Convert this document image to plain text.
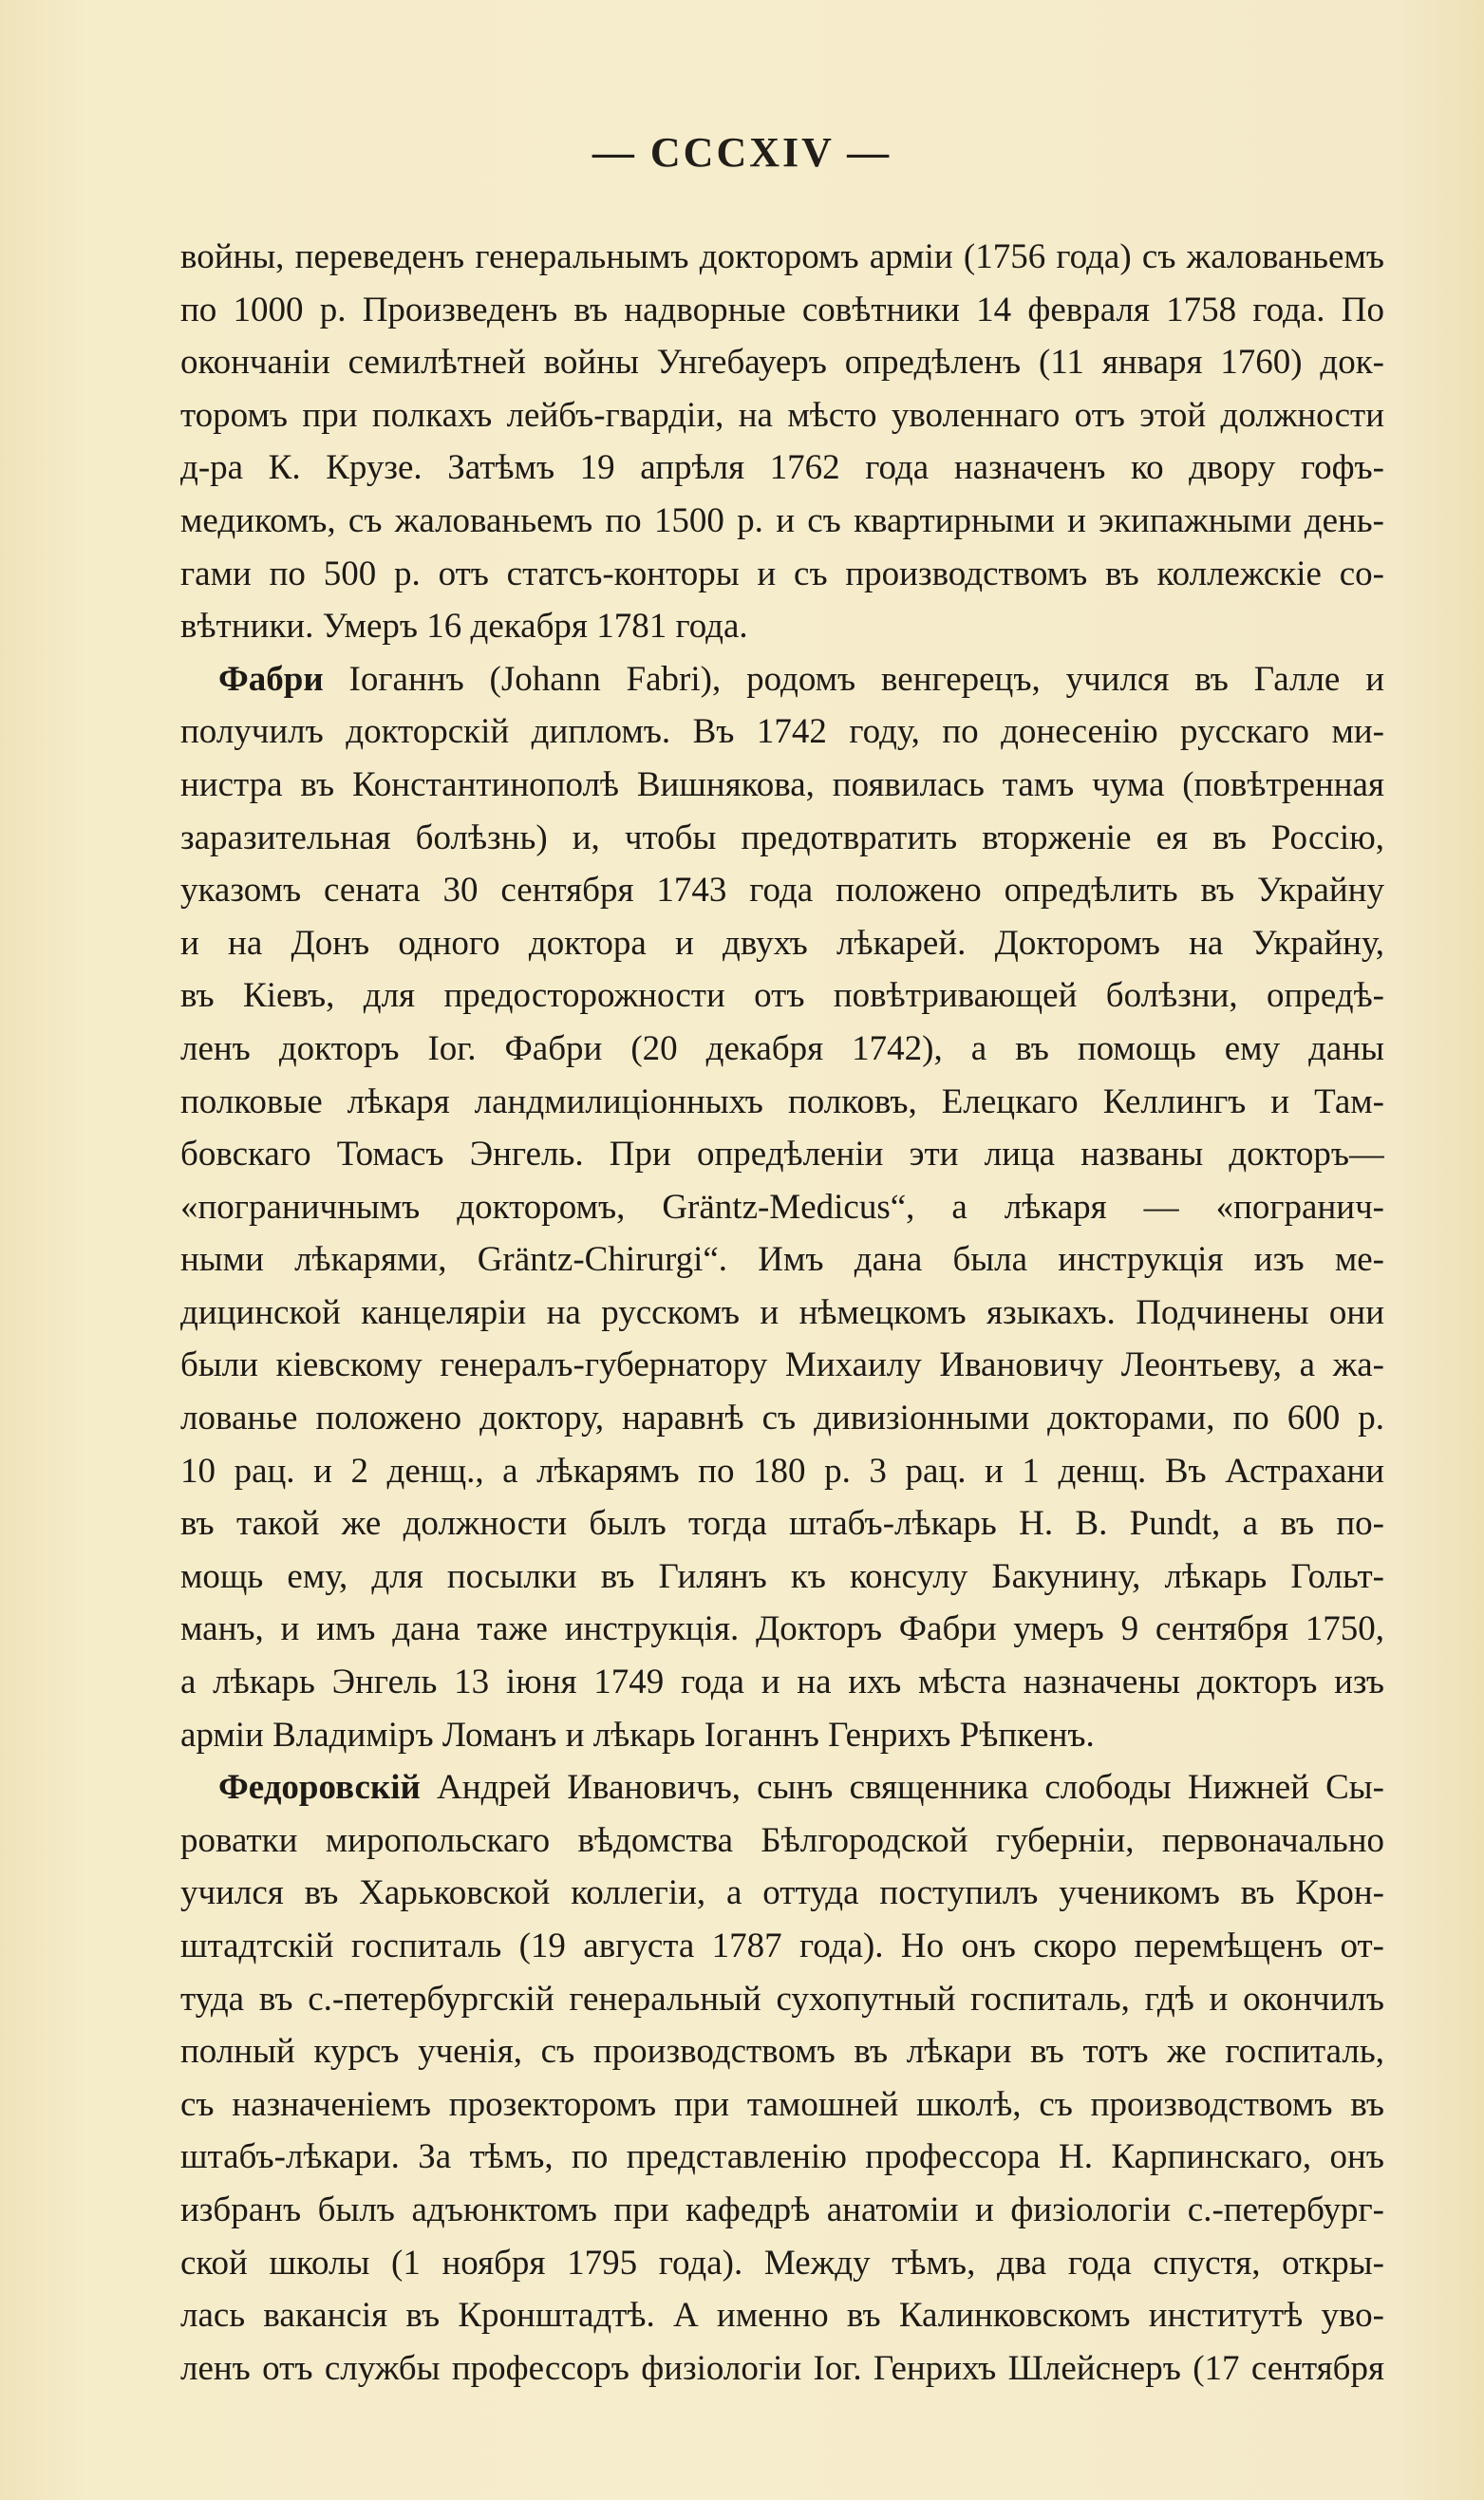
— CCCXIV —
войны, переведенъ генеральнымъ докторомъ арміи (1756 года) съ жалованьемъ
по 1000 р. Произведенъ въ надворные совѣтники 14 февраля 1758 года. По
окончаніи семилѣтней войны Унгебауеръ опредѣленъ (11 января 1760) док-
торомъ при полкахъ лейбъ-гвардіи, на мѣсто уволеннаго отъ этой должности
д-ра К. Крузе. Затѣмъ 19 апрѣля 1762 года назначенъ ко двору гофъ-
медикомъ, съ жалованьемъ по 1500 р. и съ квартирными и экипажными день-
гами по 500 р. отъ статсъ-конторы и съ производствомъ въ коллежскіе со-
вѣтники. Умеръ 16 декабря 1781 года.
Фабри Іоганнъ (Johann Fabri), родомъ венгерецъ, учился въ Галле и
получилъ докторскій дипломъ. Въ 1742 году, по донесенію русскаго ми-
нистра въ Константинополѣ Вишнякова, появилась тамъ чума (повѣтренная
заразительная болѣзнь) и, чтобы предотвратить вторженіе ея въ Россію,
указомъ сената 30 сентября 1743 года положено опредѣлить въ Украйну
и на Донъ одного доктора и двухъ лѣкарей. Докторомъ на Украйну,
въ Кіевъ, для предосторожности отъ повѣтривающей болѣзни, опредѣ-
ленъ докторъ Іог. Фабри (20 декабря 1742), а въ помощь ему даны
полковые лѣкаря ландмилиціонныхъ полковъ, Елецкаго Келлингъ и Там-
бовскаго Томасъ Энгель. При опредѣленіи эти лица названы докторъ—
«пограничнымъ докторомъ, Gräntz-Medicus“, а лѣкаря — «погранич-
ными лѣкарями, Gräntz-Chirurgi“. Имъ дана была инструкція изъ ме-
дицинской канцеляріи на русскомъ и нѣмецкомъ языкахъ. Подчинены они
были кіевскому генералъ-губернатору Михаилу Ивановичу Леонтьеву, а жа-
лованье положено доктору, наравнѣ съ дивизіонными докторами, по 600 р.
10 рац. и 2 денщ., а лѣкарямъ по 180 р. 3 рац. и 1 денщ. Въ Астрахани
въ такой же должности былъ тогда штабъ-лѣкарь Н. В. Pundt, а въ по-
мощь ему, для посылки въ Гилянъ къ консулу Бакунину, лѣкарь Гольт-
манъ, и имъ дана таже инструкція. Докторъ Фабри умеръ 9 сентября 1750,
а лѣкарь Энгель 13 іюня 1749 года и на ихъ мѣста назначены докторъ изъ
арміи Владиміръ Ломанъ и лѣкарь Іоганнъ Генрихъ Рѣпкенъ.
Федоровскій Андрей Ивановичъ, сынъ священника слободы Нижней Сы-
роватки миропольскаго вѣдомства Бѣлгородской губерніи, первоначально
учился въ Харьковской коллегіи, а оттуда поступилъ ученикомъ въ Крон-
штадтскій госпиталь (19 августа 1787 года). Но онъ скоро перемѣщенъ от-
туда въ с.-петербургскій генеральный сухопутный госпиталь, гдѣ и окончилъ
полный курсъ ученія, съ производствомъ въ лѣкари въ тотъ же госпиталь,
съ назначеніемъ прозекторомъ при тамошней школѣ, съ производствомъ въ
штабъ-лѣкари. За тѣмъ, по представленію профессора Н. Карпинскаго, онъ
избранъ былъ адъюнктомъ при кафедрѣ анатоміи и физіологіи с.-петербург-
ской школы (1 ноября 1795 года). Между тѣмъ, два года спустя, откры-
лась вакансія въ Кронштадтѣ. А именно въ Калинковскомъ институтѣ уво-
ленъ отъ службы профессоръ физіологіи Іог. Генрихъ Шлейснеръ (17 сентября
